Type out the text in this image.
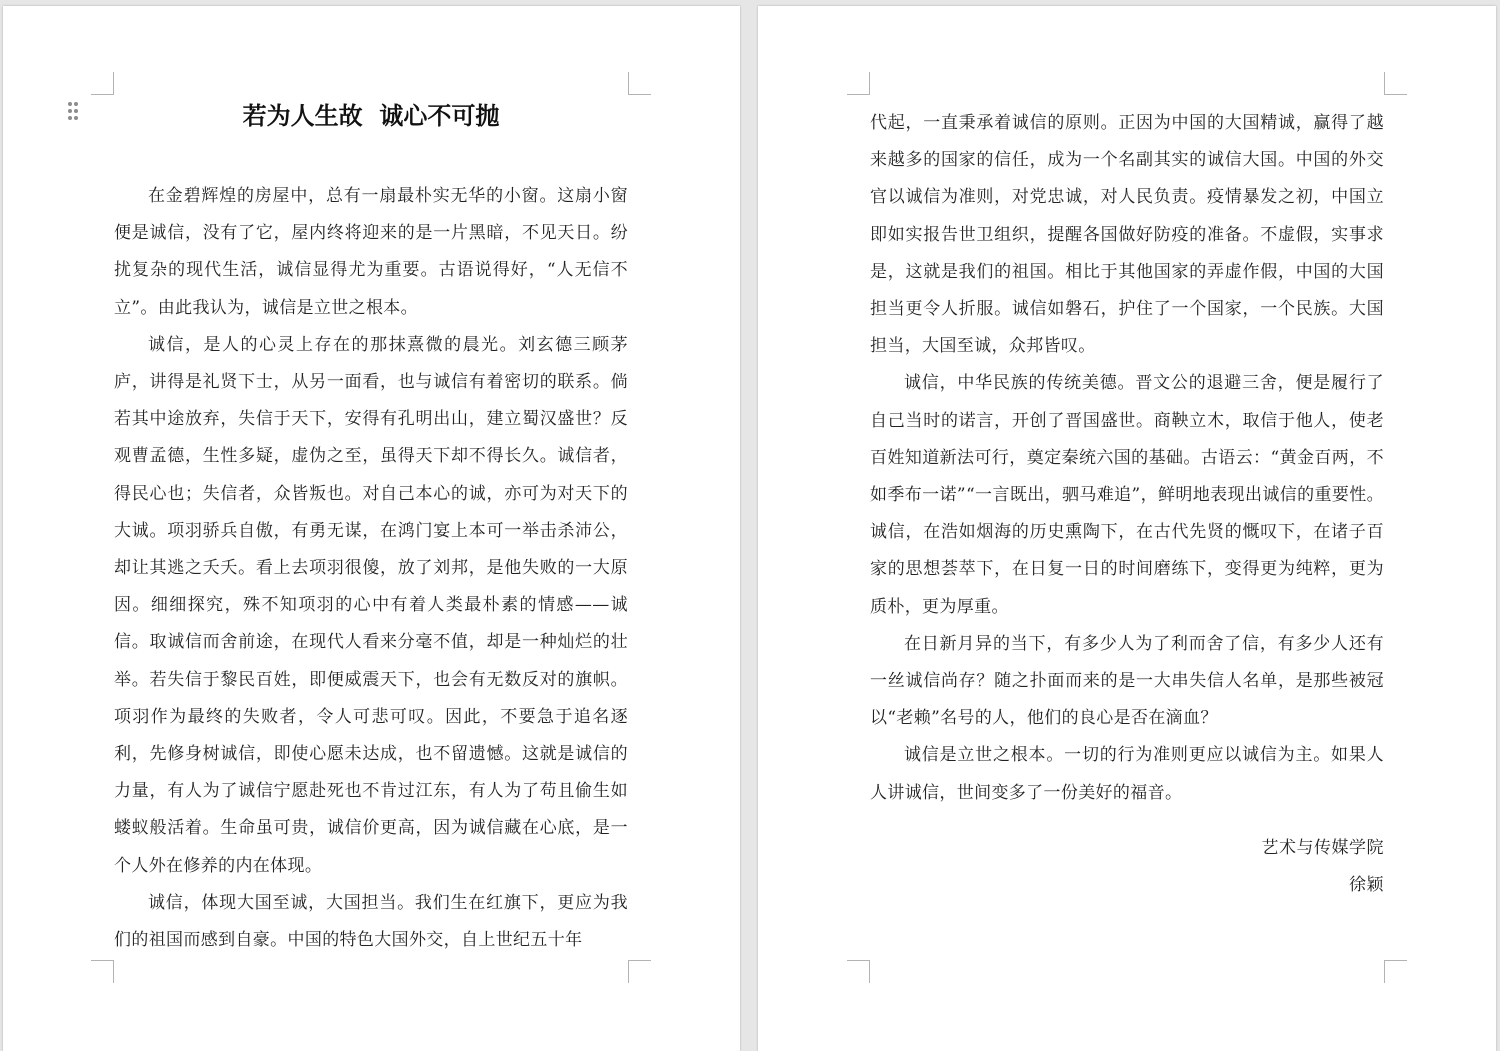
若为人生故  诚心不可抛

在金碧辉煌的房屋中，总有一扇最朴实无华的小窗。这扇小窗便是诚信，没有了它，屋内终将迎来的是一片黑暗，不见天日。纷扰复杂的现代生活，诚信显得尤为重要。古语说得好，“人无信不立”。由此我认为，诚信是立世之根本。

诚信，是人的心灵上存在的那抹熹微的晨光。刘玄德三顾茅庐，讲得是礼贤下士，从另一面看，也与诚信有着密切的联系。倘若其中途放弃，失信于天下，安得有孔明出山，建立蜀汉盛世？反观曹孟德，生性多疑，虚伪之至，虽得天下却不得长久。诚信者，得民心也；失信者，众皆叛也。对自己本心的诚，亦可为对天下的大诚。项羽骄兵自傲，有勇无谋，在鸿门宴上本可一举击杀沛公，却让其逃之夭夭。看上去项羽很傻，放了刘邦，是他失败的一大原因。细细探究，殊不知项羽的心中有着人类最朴素的情感——诚信。取诚信而舍前途，在现代人看来分毫不值，却是一种灿烂的壮举。若失信于黎民百姓，即便威震天下，也会有无数反对的旗帜。项羽作为最终的失败者，令人可悲可叹。因此，不要急于追名逐利，先修身树诚信，即使心愿未达成，也不留遗憾。这就是诚信的力量，有人为了诚信宁愿赴死也不肯过江东，有人为了苟且偷生如蝼蚁般活着。生命虽可贵，诚信价更高，因为诚信藏在心底，是一个人外在修养的内在体现。

诚信，体现大国至诚，大国担当。我们生在红旗下，更应为我们的祖国而感到自豪。中国的特色大国外交，自上世纪五十年

代起，一直秉承着诚信的原则。正因为中国的大国精诚，赢得了越来越多的国家的信任，成为一个名副其实的诚信大国。中国的外交官以诚信为准则，对党忠诚，对人民负责。疫情暴发之初，中国立即如实报告世卫组织，提醒各国做好防疫的准备。不虚假，实事求是，这就是我们的祖国。相比于其他国家的弄虚作假，中国的大国担当更令人折服。诚信如磐石，护住了一个国家，一个民族。大国担当，大国至诚，众邦皆叹。

诚信，中华民族的传统美德。晋文公的退避三舍，便是履行了自己当时的诺言，开创了晋国盛世。商鞅立木，取信于他人，使老百姓知道新法可行，奠定秦统六国的基础。古语云：“黄金百两，不如季布一诺”“一言既出，驷马难追”，鲜明地表现出诚信的重要性。诚信，在浩如烟海的历史熏陶下，在古代先贤的慨叹下，在诸子百家的思想荟萃下，在日复一日的时间磨练下，变得更为纯粹，更为质朴，更为厚重。

在日新月异的当下，有多少人为了利而舍了信，有多少人还有一丝诚信尚存？随之扑面而来的是一大串失信人名单，是那些被冠以“老赖”名号的人，他们的良心是否在滴血？

诚信是立世之根本。一切的行为准则更应以诚信为主。如果人人讲诚信，世间变多了一份美好的福音。

艺术与传媒学院
徐颖
